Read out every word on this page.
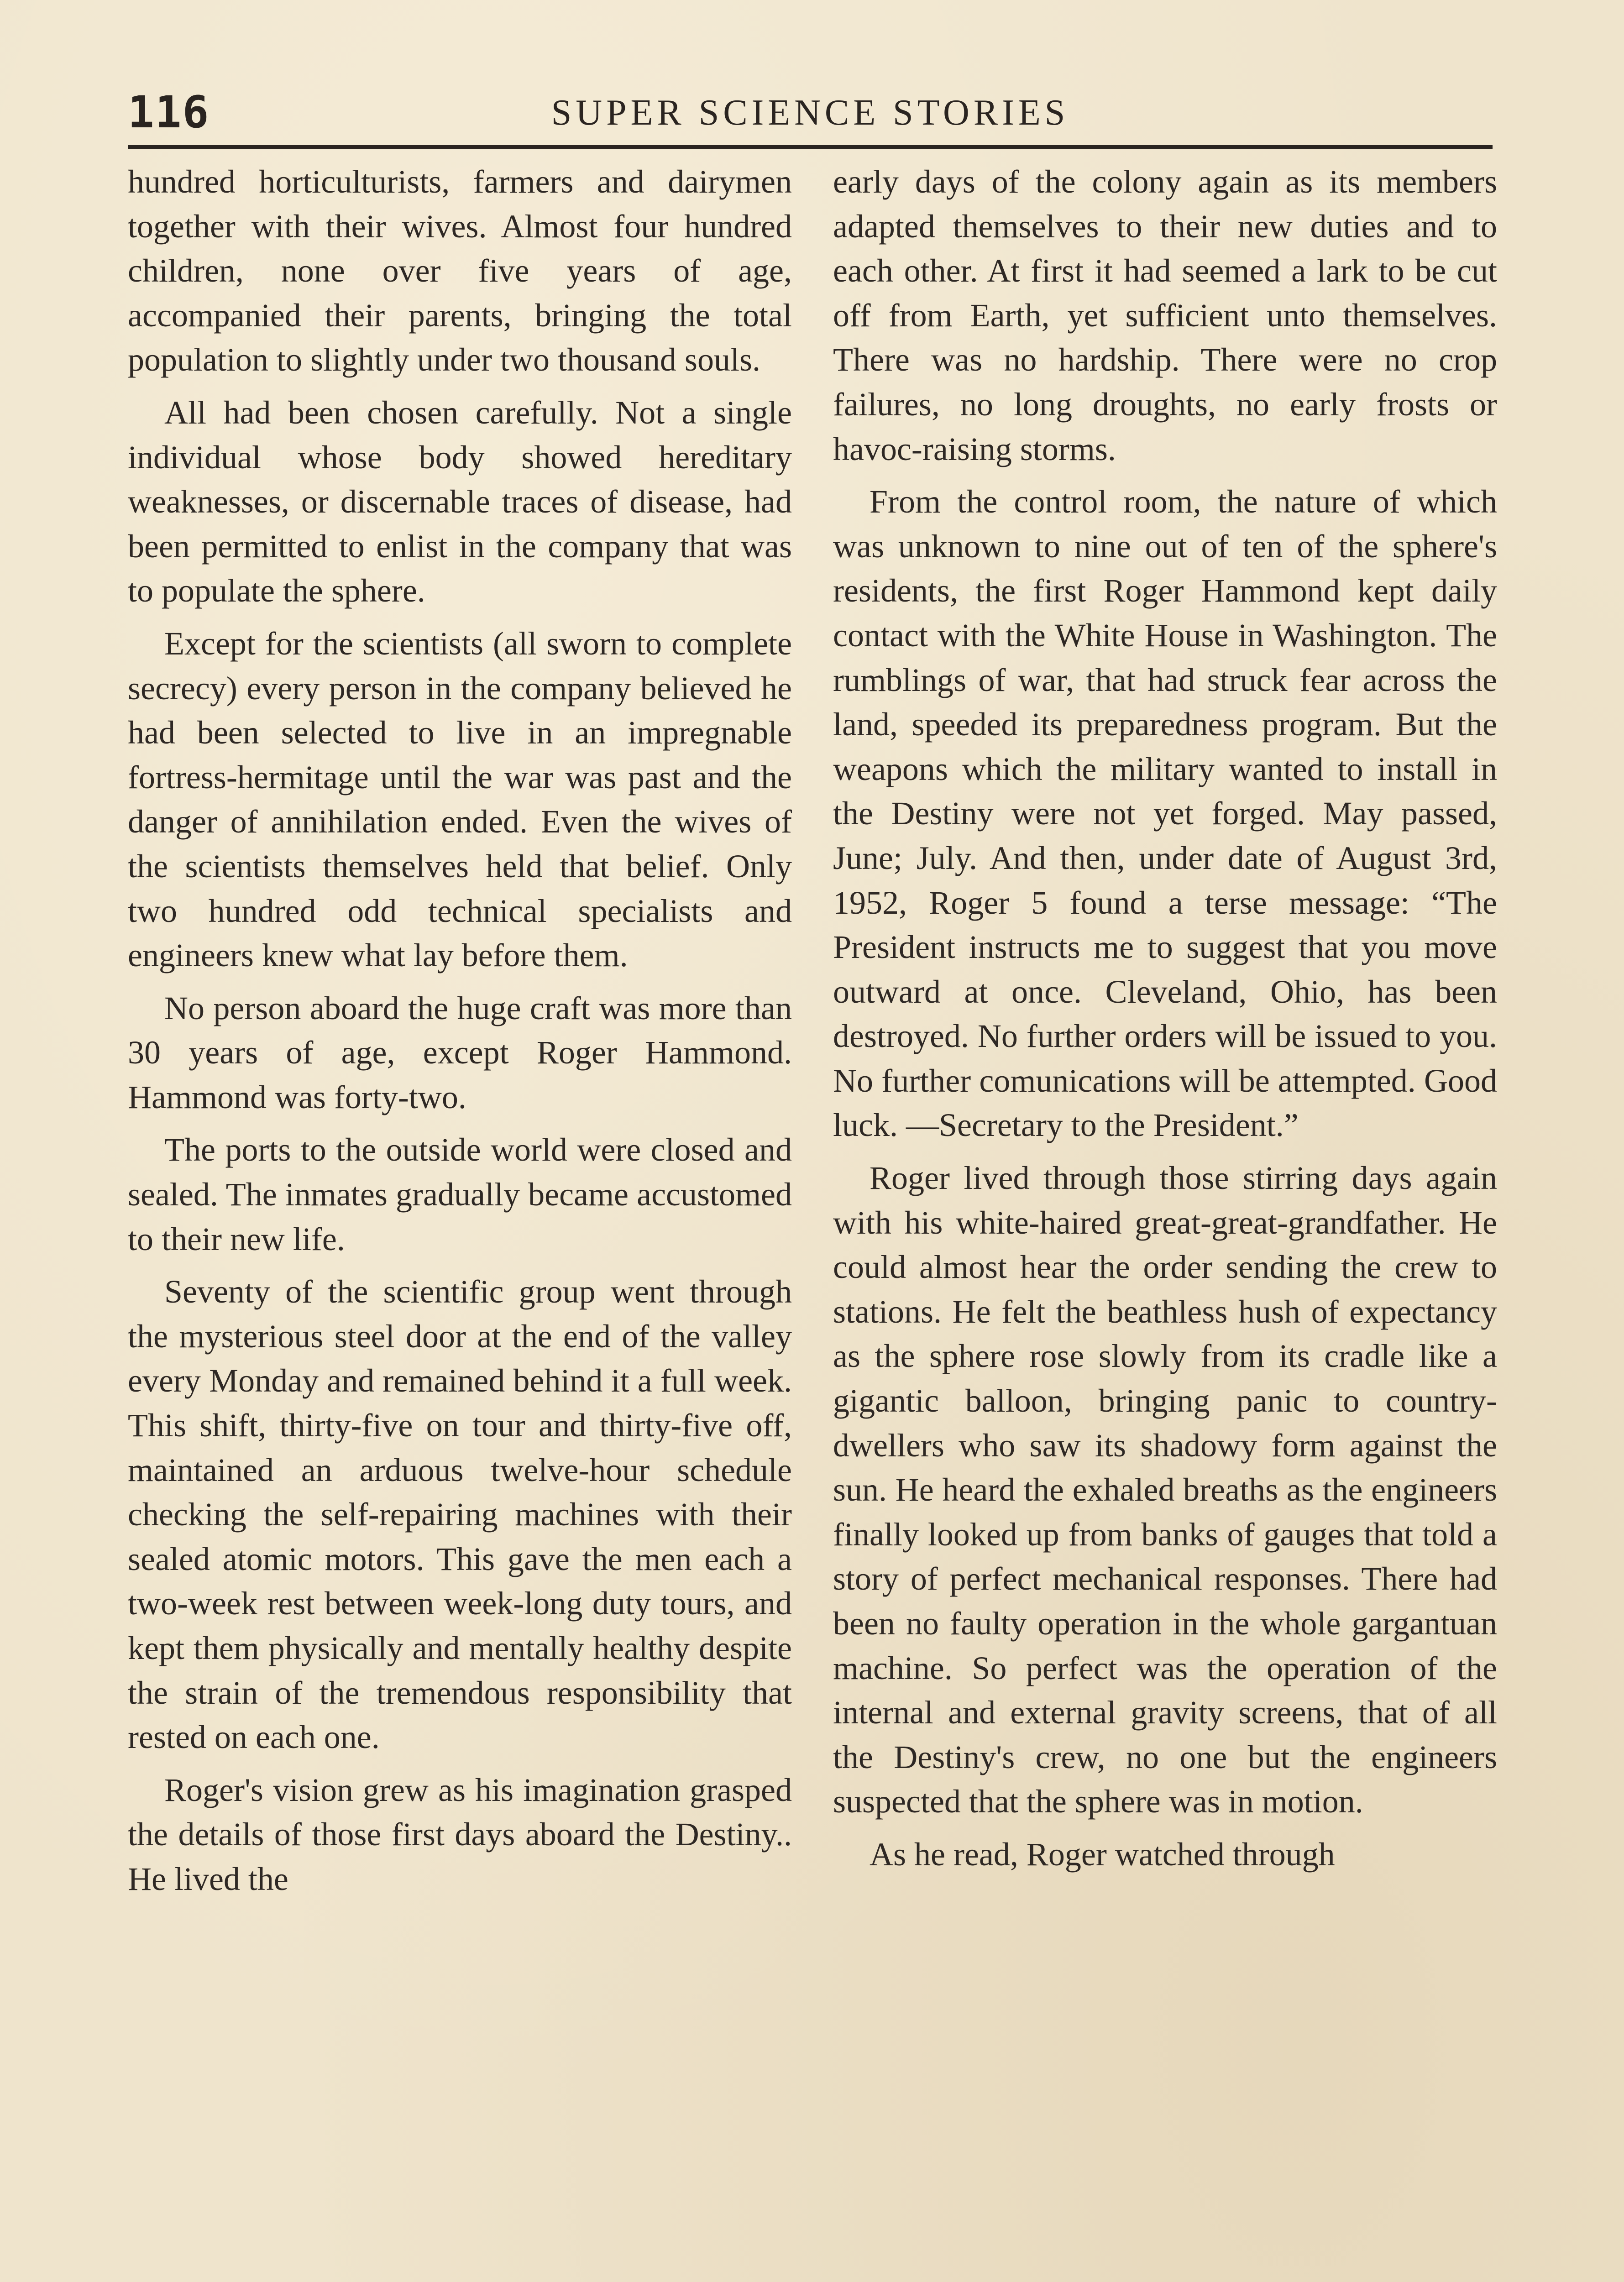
116	SUPER SCIENCE STORIES

hundred horticulturists, farmers and dairymen together with their wives. Almost four hundred children, none over five years of age, accompanied their parents, bringing the total population to slightly under two thousand souls.

All had been chosen carefully. Not a single individual whose body showed hereditary weaknesses, or discernable traces of disease, had been permitted to enlist in the company that was to populate the sphere.

Except for the scientists (all sworn to complete secrecy) every person in the company believed he had been selected to live in an impregnable fortress-hermitage until the war was past and the danger of annihilation ended. Even the wives of the scientists themselves held that belief. Only two hundred odd technical specialists and engineers knew what lay before them.

No person aboard the huge craft was more than 30 years of age, except Roger Hammond. Hammond was forty-two.

The ports to the outside world were closed and sealed. The inmates gradually became accustomed to their new life.

Seventy of the scientific group went through the mysterious steel door at the end of the valley every Monday and remained behind it a full week. This shift, thirty-five on tour and thirty-five off, maintained an arduous twelve-hour schedule checking the self-repairing machines with their sealed atomic motors. This gave the men each a two-week rest between week-long duty tours, and kept them physically and mentally healthy despite the strain of the tremendous responsibility that rested on each one.

Roger's vision grew as his imagination grasped the details of those first days aboard the Destiny.. He lived the

early days of the colony again as its members adapted themselves to their new duties and to each other. At first it had seemed a lark to be cut off from Earth, yet sufficient unto themselves. There was no hardship. There were no crop failures, no long droughts, no early frosts or havoc-raising storms.

From the control room, the nature of which was unknown to nine out of ten of the sphere's residents, the first Roger Hammond kept daily contact with the White House in Washington. The rumblings of war, that had struck fear across the land, speeded its preparedness program. But the weapons which the military wanted to install in the Destiny were not yet forged. May passed, June; July. And then, under date of August 3rd, 1952, Roger 5 found a terse message: “The President instructs me to suggest that you move outward at once. Cleveland, Ohio, has been destroyed. No further orders will be issued to you. No further comunications will be attempted. Good luck. —Secretary to the President.”

Roger lived through those stirring days again with his white-haired great-great-grandfather. He could almost hear the order sending the crew to stations. He felt the beathless hush of expectancy as the sphere rose slowly from its cradle like a gigantic balloon, bringing panic to country-dwellers who saw its shadowy form against the sun. He heard the exhaled breaths as the engineers finally looked up from banks of gauges that told a story of perfect mechanical responses. There had been no faulty operation in the whole gargantuan machine. So perfect was the operation of the internal and external gravity screens, that of all the Destiny's crew, no one but the engineers suspected that the sphere was in motion.

As he read, Roger watched through
